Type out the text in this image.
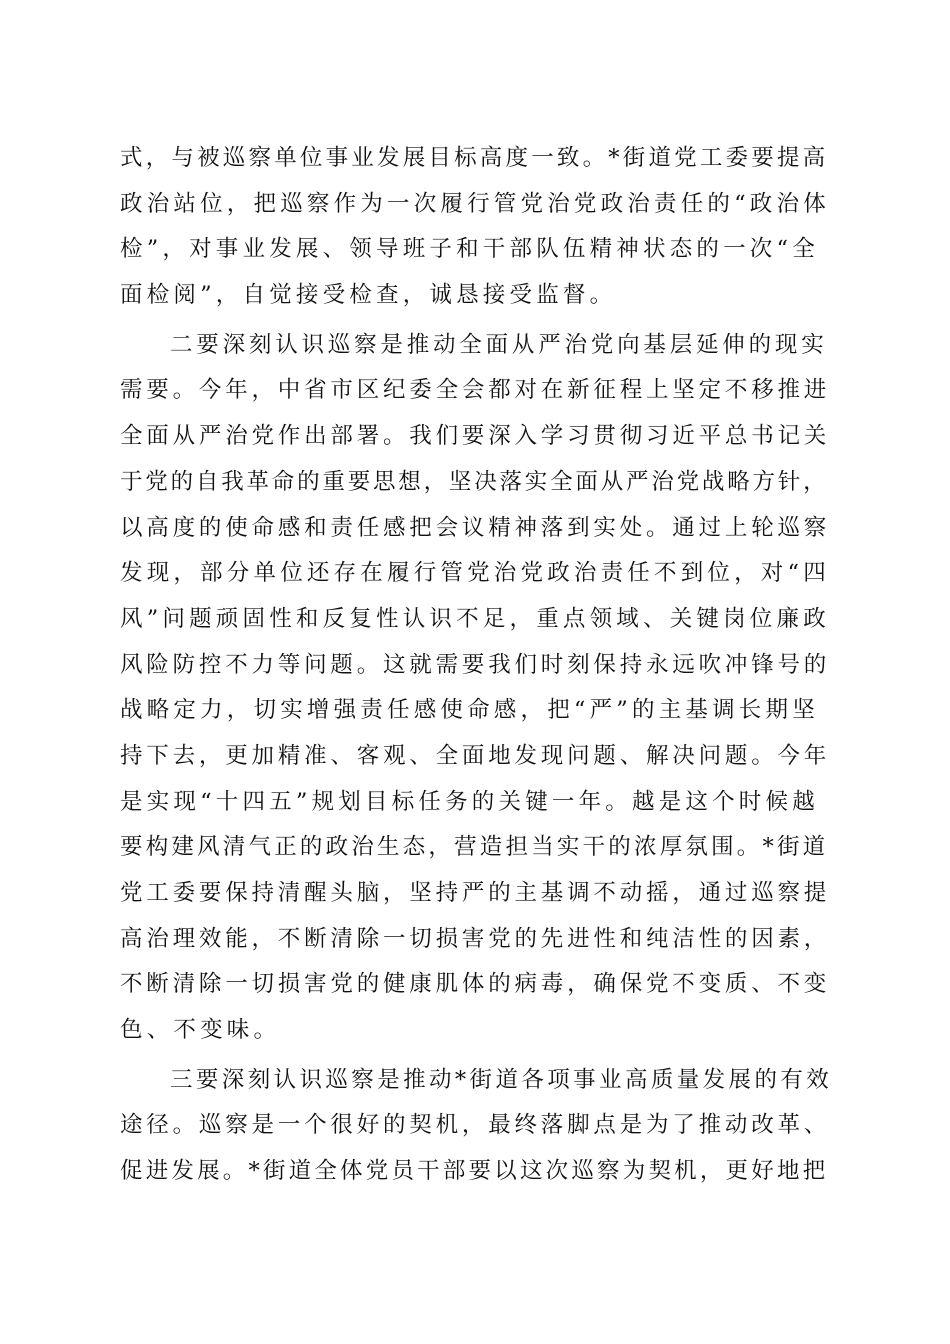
式，与被巡察单位事业发展目标高度一致。*街道党工委要提高
政治站位，把巡察作为一次履行管党治党政治责任的“政治体
检”，对事业发展、领导班子和干部队伍精神状态的一次“全
面检阅”，自觉接受检查，诚恳接受监督。
二要深刻认识巡察是推动全面从严治党向基层延伸的现实
需要。今年，中省市区纪委全会都对在新征程上坚定不移推进
全面从严治党作出部署。我们要深入学习贯彻习近平总书记关
于党的自我革命的重要思想，坚决落实全面从严治党战略方针，
以高度的使命感和责任感把会议精神落到实处。通过上轮巡察
发现，部分单位还存在履行管党治党政治责任不到位，对“四
风”问题顽固性和反复性认识不足，重点领域、关键岗位廉政
风险防控不力等问题。这就需要我们时刻保持永远吹冲锋号的
战略定力，切实增强责任感使命感，把“严”的主基调长期坚
持下去，更加精准、客观、全面地发现问题、解决问题。今年
是实现“十四五”规划目标任务的关键一年。越是这个时候越
要构建风清气正的政治生态，营造担当实干的浓厚氛围。*街道
党工委要保持清醒头脑，坚持严的主基调不动摇，通过巡察提
高治理效能，不断清除一切损害党的先进性和纯洁性的因素，
不断清除一切损害党的健康肌体的病毒，确保党不变质、不变
色、不变味。
三要深刻认识巡察是推动*街道各项事业高质量发展的有效
途径。巡察是一个很好的契机，最终落脚点是为了推动改革、
促进发展。*街道全体党员干部要以这次巡察为契机，更好地把
